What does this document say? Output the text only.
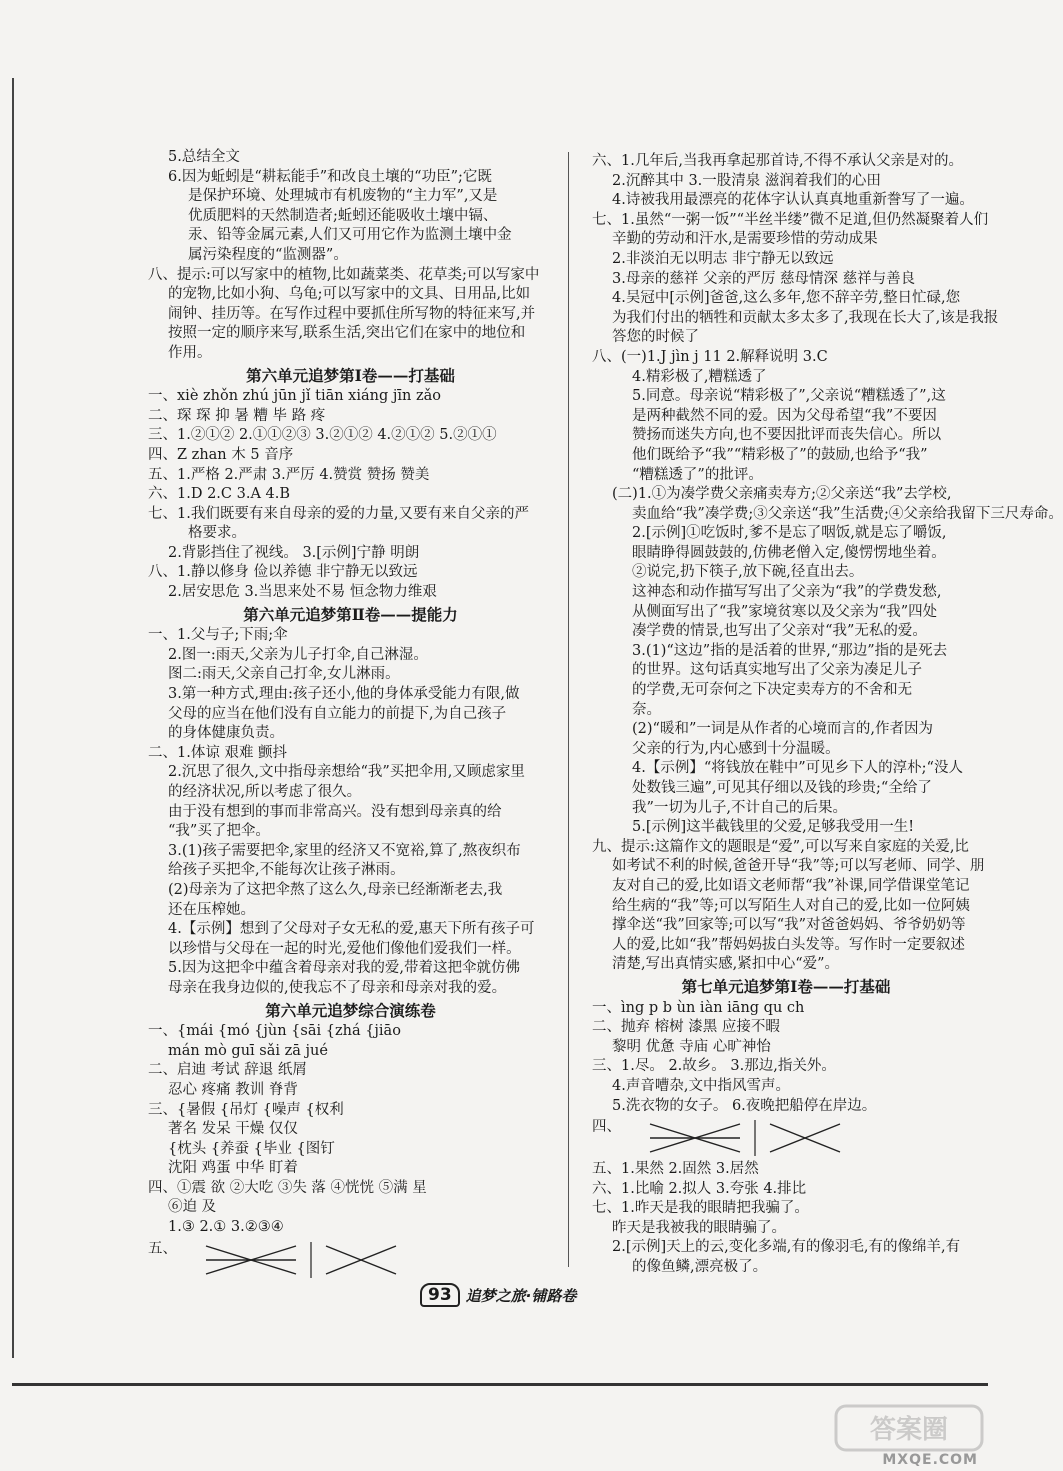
5.总结全文
6.因为蚯蚓是“耕耘能手”和改良土壤的“功臣”;它既
是保护环境、处理城市有机废物的“主力军”,又是
优质肥料的天然制造者;蚯蚓还能吸收土壤中镉、
汞、铅等金属元素,人们又可用它作为监测土壤中金
属污染程度的“监测器”。
八、提示:可以写家中的植物,比如蔬菜类、花草类;可以写家中
的宠物,比如小狗、乌龟;可以写家中的文具、日用品,比如
闹钟、挂历等。在写作过程中要抓住所写物的特征来写,并
按照一定的顺序来写,联系生活,突出它们在家中的地位和
作用。
第六单元追梦第Ⅰ卷——打基础
一、xiè zhǒn zhú jūn jǐ tiān xiáng jīn zǎo
二、琛 琛 抑 暑 糟 毕 路 疼
三、1.②①② 2.①①②③ 3.②①② 4.②①② 5.②①①
四、Z zhan 木 5 音序
五、1.严格 2.严肃 3.严厉 4.赞赏 赞扬 赞美
六、1.D 2.C 3.A 4.B
七、1.我们既要有来自母亲的爱的力量,又要有来自父亲的严
格要求。
2.背影挡住了视线。 3.[示例]宁静 明朗
八、1.静以修身 俭以养德 非宁静无以致远
2.居安思危 3.当思来处不易 恒念物力维艰
第六单元追梦第Ⅱ卷——提能力
一、1.父与子;下雨;伞
2.图一:雨天,父亲为儿子打伞,自己淋湿。
图二:雨天,父亲自己打伞,女儿淋雨。
3.第一种方式,理由:孩子还小,他的身体承受能力有限,做
父母的应当在他们没有自立能力的前提下,为自己孩子
的身体健康负责。
二、1.体谅 艰难 颤抖
2.沉思了很久,文中指母亲想给“我”买把伞用,又顾虑家里
的经济状况,所以考虑了很久。
由于没有想到的事而非常高兴。没有想到母亲真的给
“我”买了把伞。
3.(1)孩子需要把伞,家里的经济又不宽裕,算了,熬夜织布
给孩子买把伞,不能每次让孩子淋雨。
(2)母亲为了这把伞熬了这么久,母亲已经渐渐老去,我
还在压榨她。
4.【示例】想到了父母对子女无私的爱,惠天下所有孩子可
以珍惜与父母在一起的时光,爱他们像他们爱我们一样。
5.因为这把伞中蕴含着母亲对我的爱,带着这把伞就仿佛
母亲在我身边似的,使我忘不了母亲和母亲对我的爱。
第六单元追梦综合演练卷
一、{mái {mó {jùn {sāi {zhá {jiāo
mán mò guī sǎi zā jué
二、启迪 考试 辞退 纸屑
忍心 疼痛 教训 脊背
三、{暑假 {吊灯 {噪声 {权利
著名 发呆 干燥 仅仅
{枕头 {养蚕 {毕业 {图钉
沈阳 鸡蛋 中华 盯着
四、①震 欲 ②大吃 ③失 落 ④恍恍 ⑤满 星
⑥迫 及
1.③ 2.① 3.②③④
五、
六、1.几年后,当我再拿起那首诗,不得不承认父亲是对的。
2.沉醉其中 3.一股清泉 滋润着我们的心田
4.诗被我用最漂亮的花体字认认真真地重新誊写了一遍。
七、1.虽然“一粥一饭”“半丝半缕”微不足道,但仍然凝聚着人们
辛勤的劳动和汗水,是需要珍惜的劳动成果
2.非淡泊无以明志 非宁静无以致远
3.母亲的慈祥 父亲的严厉 慈母情深 慈祥与善良
4.吴冠中[示例]爸爸,这么多年,您不辞辛劳,整日忙碌,您
为我们付出的牺牲和贡献太多太多了,我现在长大了,该是我报
答您的时候了
八、(一)1.J jìn j 11 2.解释说明 3.C
4.精彩极了,糟糕透了
5.同意。母亲说“精彩极了”,父亲说“糟糕透了”,这
是两种截然不同的爱。因为父母希望“我”不要因
赞扬而迷失方向,也不要因批评而丧失信心。所以
他们既给予“我”“精彩极了”的鼓励,也给予“我”
“糟糕透了”的批评。
(二)1.①为凑学费父亲痛卖寿方;②父亲送“我”去学校,
卖血给“我”凑学费;③父亲送“我”生活费;④父亲给我留下三尺寿命。
2.[示例]①吃饭时,爹不是忘了咽饭,就是忘了嚼饭,
眼睛睁得圆鼓鼓的,仿佛老僧入定,傻愣愣地坐着。
②说完,扔下筷子,放下碗,径直出去。
这神态和动作描写写出了父亲为“我”的学费发愁,
从侧面写出了“我”家境贫寒以及父亲为“我”四处
凑学费的情景,也写出了父亲对“我”无私的爱。
3.(1)“这边”指的是活着的世界,“那边”指的是死去
的世界。这句话真实地写出了父亲为凑足儿子
的学费,无可奈何之下决定卖寿方的不舍和无
奈。
(2)“暖和”一词是从作者的心境而言的,作者因为
父亲的行为,内心感到十分温暖。
4.【示例】“将钱放在鞋中”可见乡下人的淳朴;“没人
处数钱三遍”,可见其仔细以及钱的珍贵;“全给了
我”一切为儿子,不计自己的后果。
5.[示例]这半截钱里的父爱,足够我受用一生!
九、提示:这篇作文的题眼是“爱”,可以写来自家庭的关爱,比
如考试不利的时候,爸爸开导“我”等;可以写老师、同学、朋
友对自己的爱,比如语文老师帮“我”补课,同学借课堂笔记
给生病的“我”等;可以写陌生人对自己的爱,比如一位阿姨
撑伞送“我”回家等;可以写“我”对爸爸妈妈、爷爷奶奶等
人的爱,比如“我”帮妈妈拔白头发等。写作时一定要叙述
清楚,写出真情实感,紧扣中心“爱”。
第七单元追梦第Ⅰ卷——打基础
一、ìng p b ùn iàn iāng qu ch
二、抛弃 榕树 漆黑 应接不暇
黎明 优惫 寺庙 心旷神怡
三、1.尽。 2.故乡。 3.那边,指关外。
4.声音嘈杂,文中指风雪声。
5.洗衣物的女子。 6.夜晚把船停在岸边。
四、
五、1.果然 2.固然 3.居然
六、1.比喻 2.拟人 3.夸张 4.排比
七、1.昨天是我的眼睛把我骗了。
昨天是我被我的眼睛骗了。
2.[示例]天上的云,变化多端,有的像羽毛,有的像绵羊,有
的像鱼鳞,漂亮极了。
93 追梦之旅·铺路卷
答案圈
MXQE.COM
